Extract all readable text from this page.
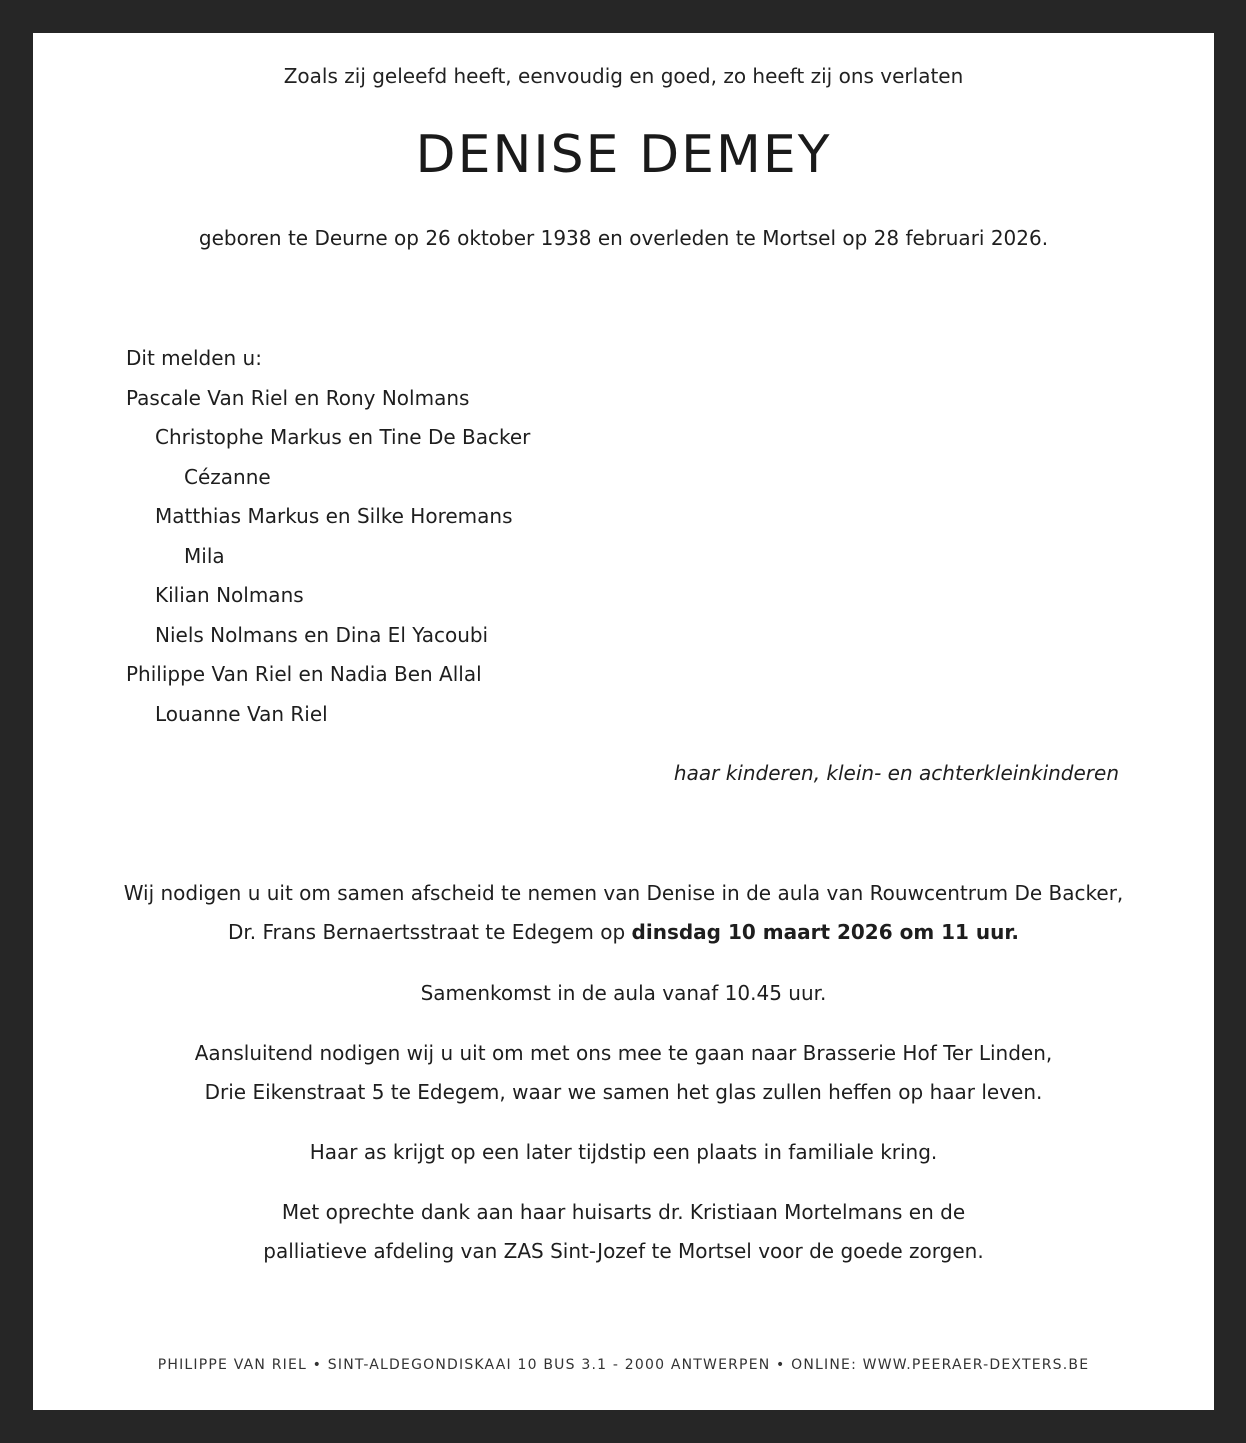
Zoals zij geleefd heeft, eenvoudig en goed, zo heeft zij ons verlaten
DENISE DEMEY
geboren te Deurne op 26 oktober 1938 en overleden te Mortsel op 28 februari 2026.
Dit melden u:
Pascale Van Riel en Rony Nolmans
Christophe Markus en Tine De Backer
Cézanne
Matthias Markus en Silke Horemans
Mila
Kilian Nolmans
Niels Nolmans en Dina El Yacoubi
Philippe Van Riel en Nadia Ben Allal
Louanne Van Riel
haar kinderen, klein- en achterkleinkinderen
Wij nodigen u uit om samen afscheid te nemen van Denise in de aula van Rouwcentrum De Backer,
Dr. Frans Bernaertsstraat te Edegem op dinsdag 10 maart 2026 om 11 uur.
Samenkomst in de aula vanaf 10.45 uur.
Aansluitend nodigen wij u uit om met ons mee te gaan naar Brasserie Hof Ter Linden,
Drie Eikenstraat 5 te Edegem, waar we samen het glas zullen heffen op haar leven.
Haar as krijgt op een later tijdstip een plaats in familiale kring.
Met oprechte dank aan haar huisarts dr. Kristiaan Mortelmans en de
palliatieve afdeling van ZAS Sint-Jozef te Mortsel voor de goede zorgen.
PHILIPPE VAN RIEL • SINT-ALDEGONDISKAAI 10 BUS 3.1 - 2000 ANTWERPEN • ONLINE: WWW.PEERAER-DEXTERS.BE
